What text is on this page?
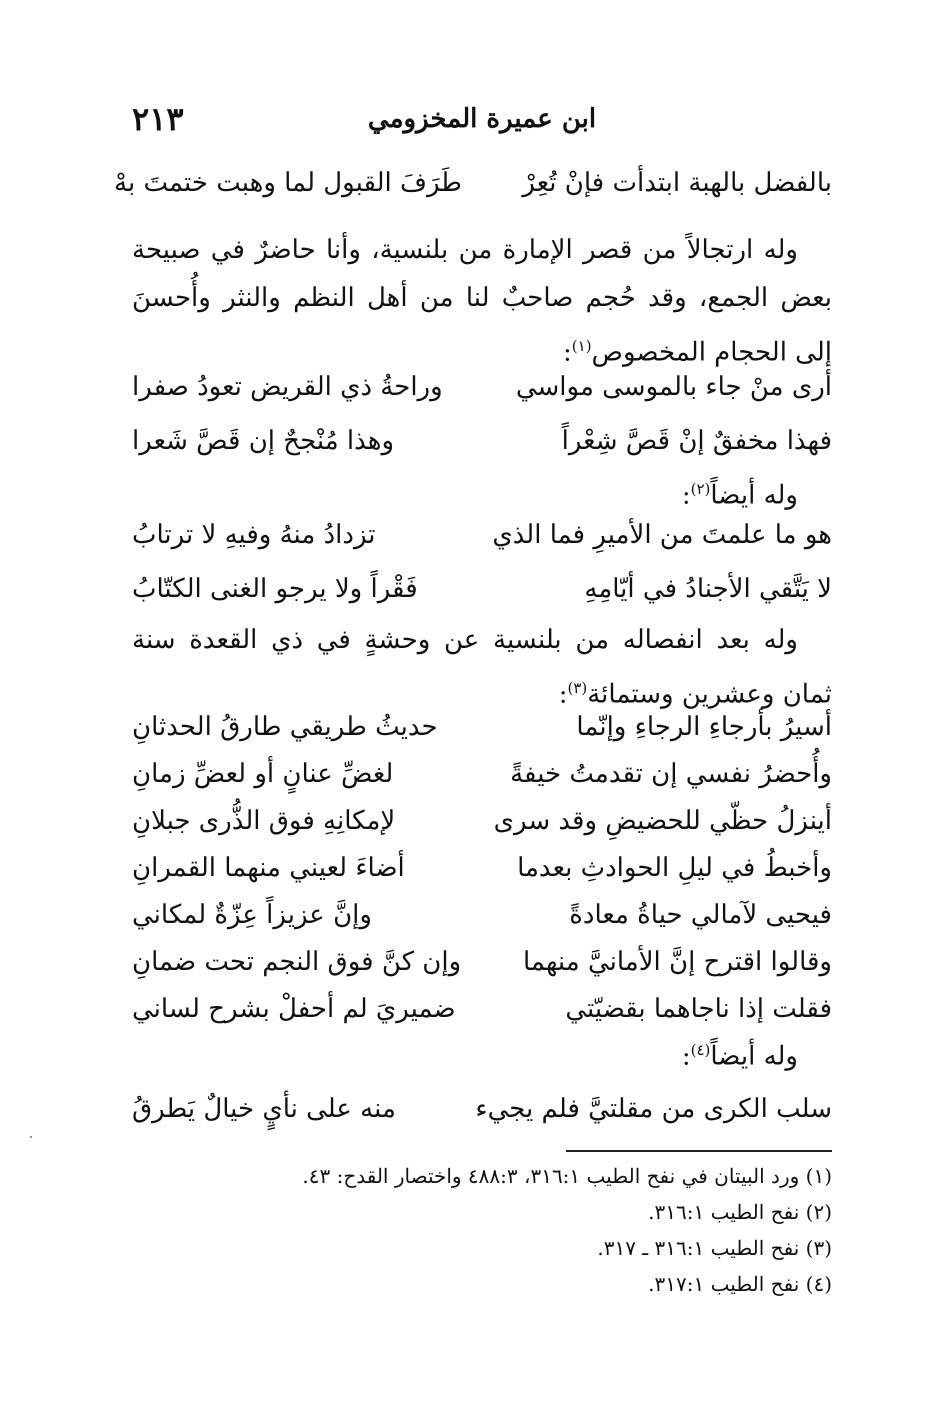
ابن عميرة المخزومي
٢١٣
بالفضل بالهبة ابتدأت فإنْ تُعِرْ
طَرَفَ القبول لما وهبت ختمتَ بهْ

وله ارتجالاً من قصر الإمارة من بلنسية، وأنا حاضرٌ في صبيحة بعض الجمع، وقد حُجم صاحبٌ لنا من أهل النظم والنثر وأُحسنَ إلى الحجام المخصوص$^{(١)}$:

أرى منْ جاء بالموسى مواسي
وراحةُ ذي القريض تعودُ صفرا
فهذا مخفقٌ إنْ قَصَّ شِعْراً
وهذا مُنْجحٌ إن قَصَّ شَعرا
وله أيضاً$^{(٢)}$:
هو ما علمتَ من الأميرِ فما الذي
تزدادُ منهُ وفيهِ لا ترتابُ
لا يَتَّقي الأجنادُ في أيّامِهِ
فَقْراً ولا يرجو الغنى الكتّابُ

وله بعد انفصاله من بلنسية عن وحشةٍ في ذي القعدة سنة ثمان وعشرين وستمائة$^{(٣)}$:

أسيرُ بأرجاءِ الرجاءِ وإنّما
حديثُ طريقي طارقُ الحدثانِ
وأُحضرُ نفسي إن تقدمتُ خيفةً
لغضِّ عنانٍ أو لعضِّ زمانِ
أينزلُ حظّي للحضيضِ وقد سرى
لإمكانِهِ فوق الذُّرى جبلانِ
وأخبطُ في ليلِ الحوادثِ بعدما
أضاءَ لعيني منهما القمرانِ
فيحيى لآمالي حياةُ معادةً
وإنَّ عزيزاً عِزّةٌ لمكاني
وقالوا اقترح إنَّ الأمانيَّ منهما
وإن كنَّ فوق النجم تحت ضمانِ
فقلت إذا ناجاهما بقضيّتي
ضميريَ لم أحفلْ بشرح لساني
وله أيضاً$^{(٤)}$:
سلب الكرى من مقلتيَّ فلم يجيء
منه على نأيٍ خيالٌ يَطرقُ
(١) ورد البيتان في نفح الطيب ٣١٦:١، ٤٨٨:٣ واختصار القدح: ٤٣.
(٢) نفح الطيب ٣١٦:١.
(٣) نفح الطيب ٣١٦:١ ـ ٣١٧.
(٤) نفح الطيب ٣١٧:١.
